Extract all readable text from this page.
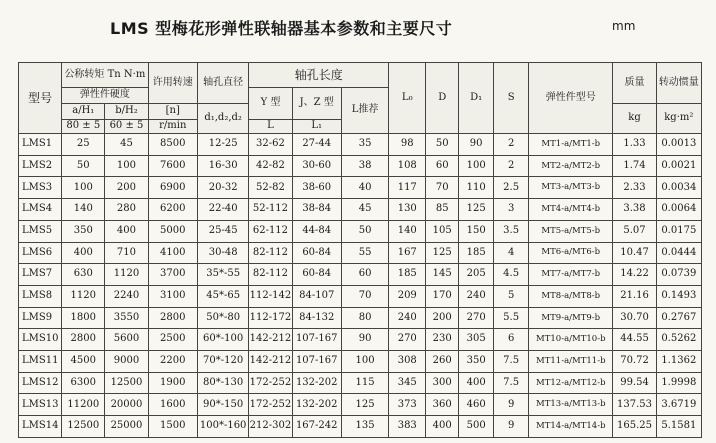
LMS 型梅花形弹性联轴器基本参数和主要尺寸	mm
型号	公称转矩 Tn N·m		许用转速	轴孔直径	轴孔长度			L₀	D	D₁	S	弹性件型号	质量	转动惯量
	弹性件硬度				Y 型	J、Z 型	L推荐							
	a/H₁	b/H₂	[n]	d₁,d₂,d₂									kg	kg·m²
	80 ± 5	60 ± 5	r/min		L	L₁								
LMS1	25	45	8500	12-25	32-62	27-44	35	98	50	90	2	MT1-a/MT1-b	1.33	0.0013
LMS2	50	100	7600	16-30	42-82	30-60	38	108	60	100	2	MT2-a/MT2-b	1.74	0.0021
LMS3	100	200	6900	20-32	52-82	38-60	40	117	70	110	2.5	MT3-a/MT3-b	2.33	0.0034
LMS4	140	280	6200	22-40	52-112	38-84	45	130	85	125	3	MT4-a/MT4-b	3.38	0.0064
LMS5	350	400	5000	25-45	62-112	44-84	50	140	105	150	3.5	MT5-a/MT5-b	5.07	0.0175
LMS6	400	710	4100	30-48	82-112	60-84	55	167	125	185	4	MT6-a/MT6-b	10.47	0.0444
LMS7	630	1120	3700	35*-55	82-112	60-84	60	185	145	205	4.5	MT7-a/MT7-b	14.22	0.0739
LMS8	1120	2240	3100	45*-65	112-142	84-107	70	209	170	240	5	MT8-a/MT8-b	21.16	0.1493
LMS9	1800	3550	2800	50*-80	112-172	84-132	80	240	200	270	5.5	MT9-a/MT9-b	30.70	0.2767
LMS10	2800	5600	2500	60*-100	142-212	107-167	90	270	230	305	6	MT10-a/MT10-b	44.55	0.5262
LMS11	4500	9000	2200	70*-120	142-212	107-167	100	308	260	350	7.5	MT11-a/MT11-b	70.72	1.1362
LMS12	6300	12500	1900	80*-130	172-252	132-202	115	345	300	400	7.5	MT12-a/MT12-b	99.54	1.9998
LMS13	11200	20000	1600	90*-150	172-252	132-202	125	373	360	460	9	MT13-a/MT13-b	137.53	3.6719
LMS14	12500	25000	1500	100*-160	212-302	167-242	135	383	400	500	9	MT14-a/MT14-b	165.25	5.1581
